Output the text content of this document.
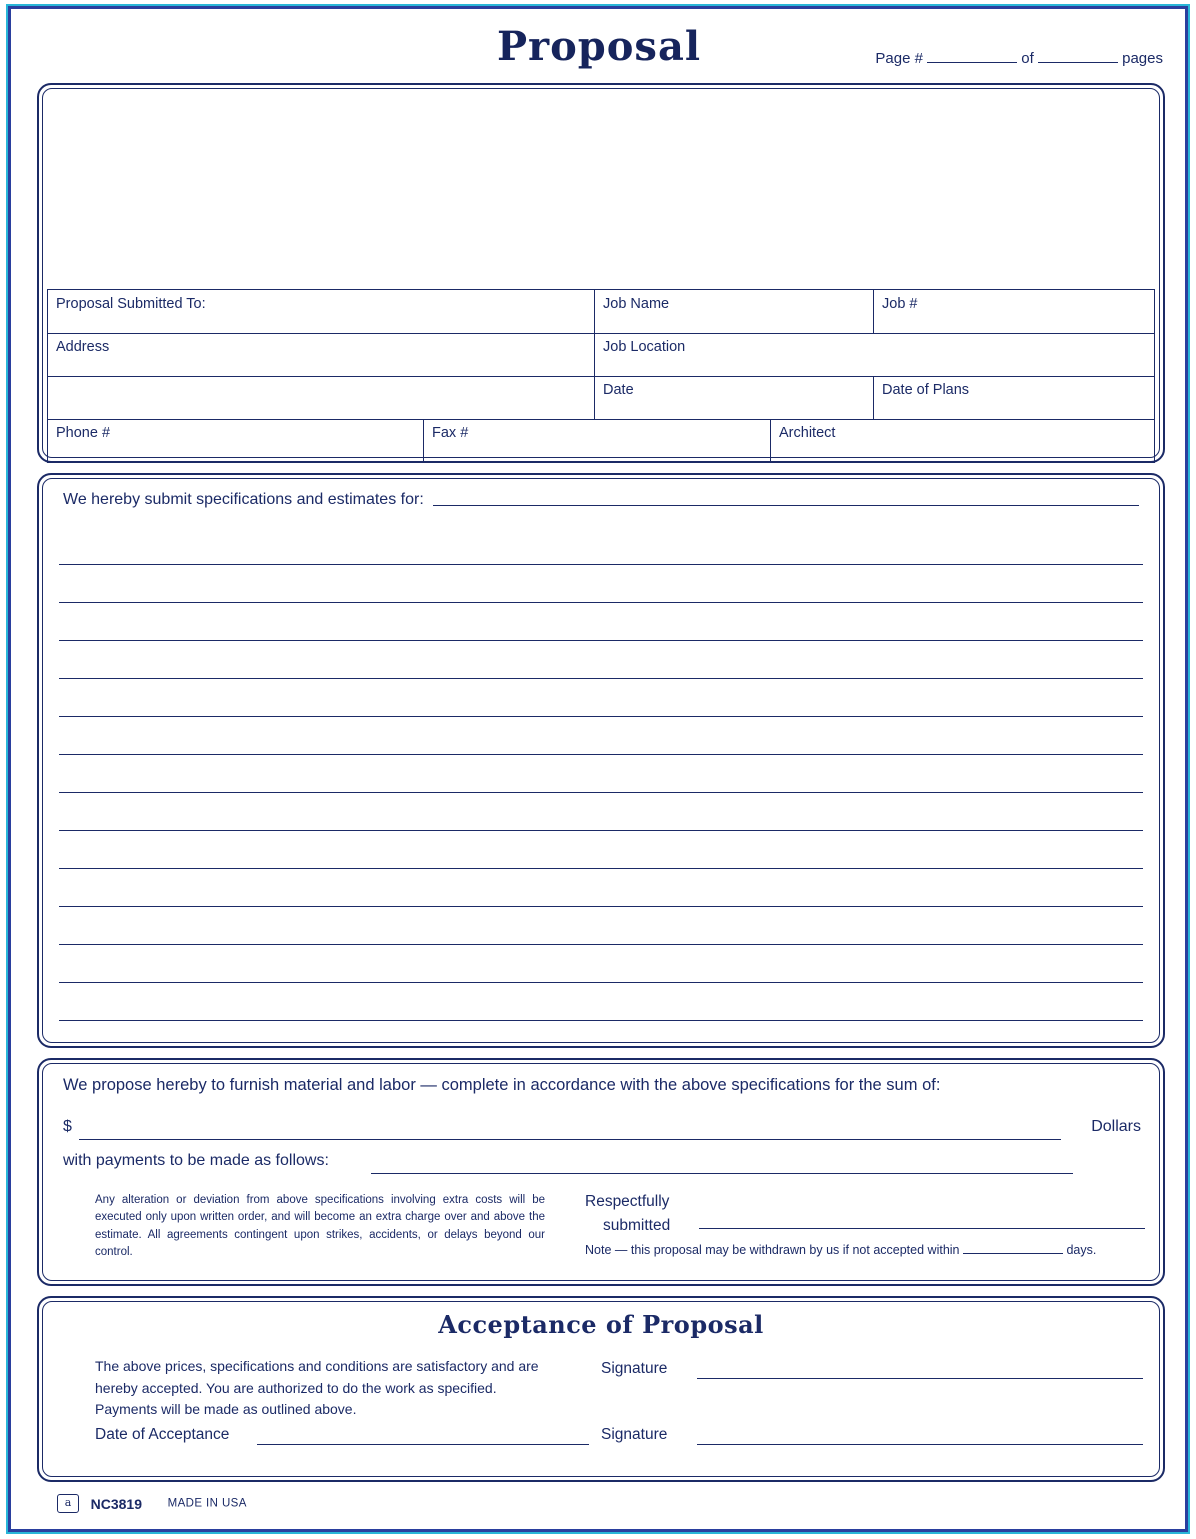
Proposal	Page #	of	pages
Proposal Submitted To:	Job Name	Job #
Address	Job Location
Date	Date of Plans
Phone #	Fax #	Architect
We hereby submit specifications and estimates for:
We propose hereby to furnish material and labor — complete in accordance with the above specifications for the sum of:
$	Dollars
with payments to be made as follows:
Any alteration or deviation from above specifications involving extra costs will be executed only upon written order, and will become an extra charge over and above the estimate. All agreements contingent upon strikes, accidents, or delays beyond our control.
Respectfully
submitted
Note — this proposal may be withdrawn by us if not accepted within	days.
Acceptance of Proposal
The above prices, specifications and conditions are satisfactory and are hereby accepted. You are authorized to do the work as specified. Payments will be made as outlined above.
Signature
Date of Acceptance	Signature
a NC3819 MADE IN USA
